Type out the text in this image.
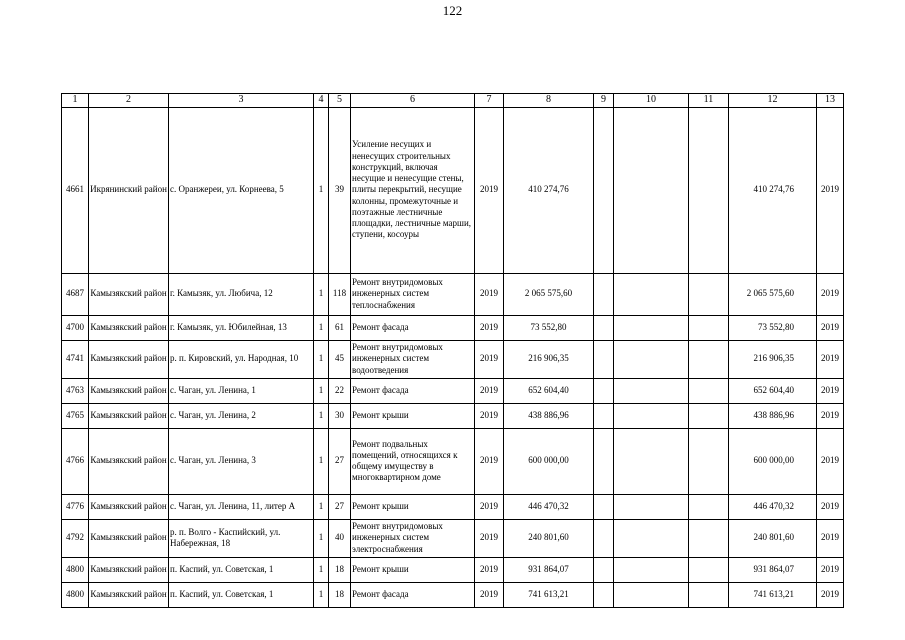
122
1	2	3	4	5	6	7	8	9	10	11	12	13
4661	Икрянинский район	с. Оранжереи, ул. Корнеева, 5	1	39	Усиление несущих и ненесущих строительных конструкций, включая несущие и ненесущие стены, плиты перекрытий, несущие колонны, промежуточные и поэтажные лестничные площадки, лестничные марши, ступени, косоуры	2019	410 274,76				410 274,76	2019
4687	Камызякский район	г. Камызяк, ул. Любича, 12	1	118	Ремонт внутридомовых инженерных систем теплоснабжения	2019	2 065 575,60				2 065 575,60	2019
4700	Камызякский район	г. Камызяк, ул. Юбилейная, 13	1	61	Ремонт фасада	2019	73 552,80				73 552,80	2019
4741	Камызякский район	р. п. Кировский, ул. Народная, 10	1	45	Ремонт внутридомовых инженерных систем водоотведения	2019	216 906,35				216 906,35	2019
4763	Камызякский район	с. Чаган, ул. Ленина, 1	1	22	Ремонт фасада	2019	652 604,40				652 604,40	2019
4765	Камызякский район	с. Чаган, ул. Ленина, 2	1	30	Ремонт крыши	2019	438 886,96				438 886,96	2019
4766	Камызякский район	с. Чаган, ул. Ленина, 3	1	27	Ремонт подвальных помещений, относящихся к общему имуществу в многоквартирном доме	2019	600 000,00				600 000,00	2019
4776	Камызякский район	с. Чаган, ул. Ленина, 11, литер А	1	27	Ремонт крыши	2019	446 470,32				446 470,32	2019
4792	Камызякский район	р. п. Волго - Каспийский, ул. Набережная, 18	1	40	Ремонт внутридомовых инженерных систем электроснабжения	2019	240 801,60				240 801,60	2019
4800	Камызякский район	п. Каспий, ул. Советская, 1	1	18	Ремонт крыши	2019	931 864,07				931 864,07	2019
4800	Камызякский район	п. Каспий, ул. Советская, 1	1	18	Ремонт фасада	2019	741 613,21				741 613,21	2019
